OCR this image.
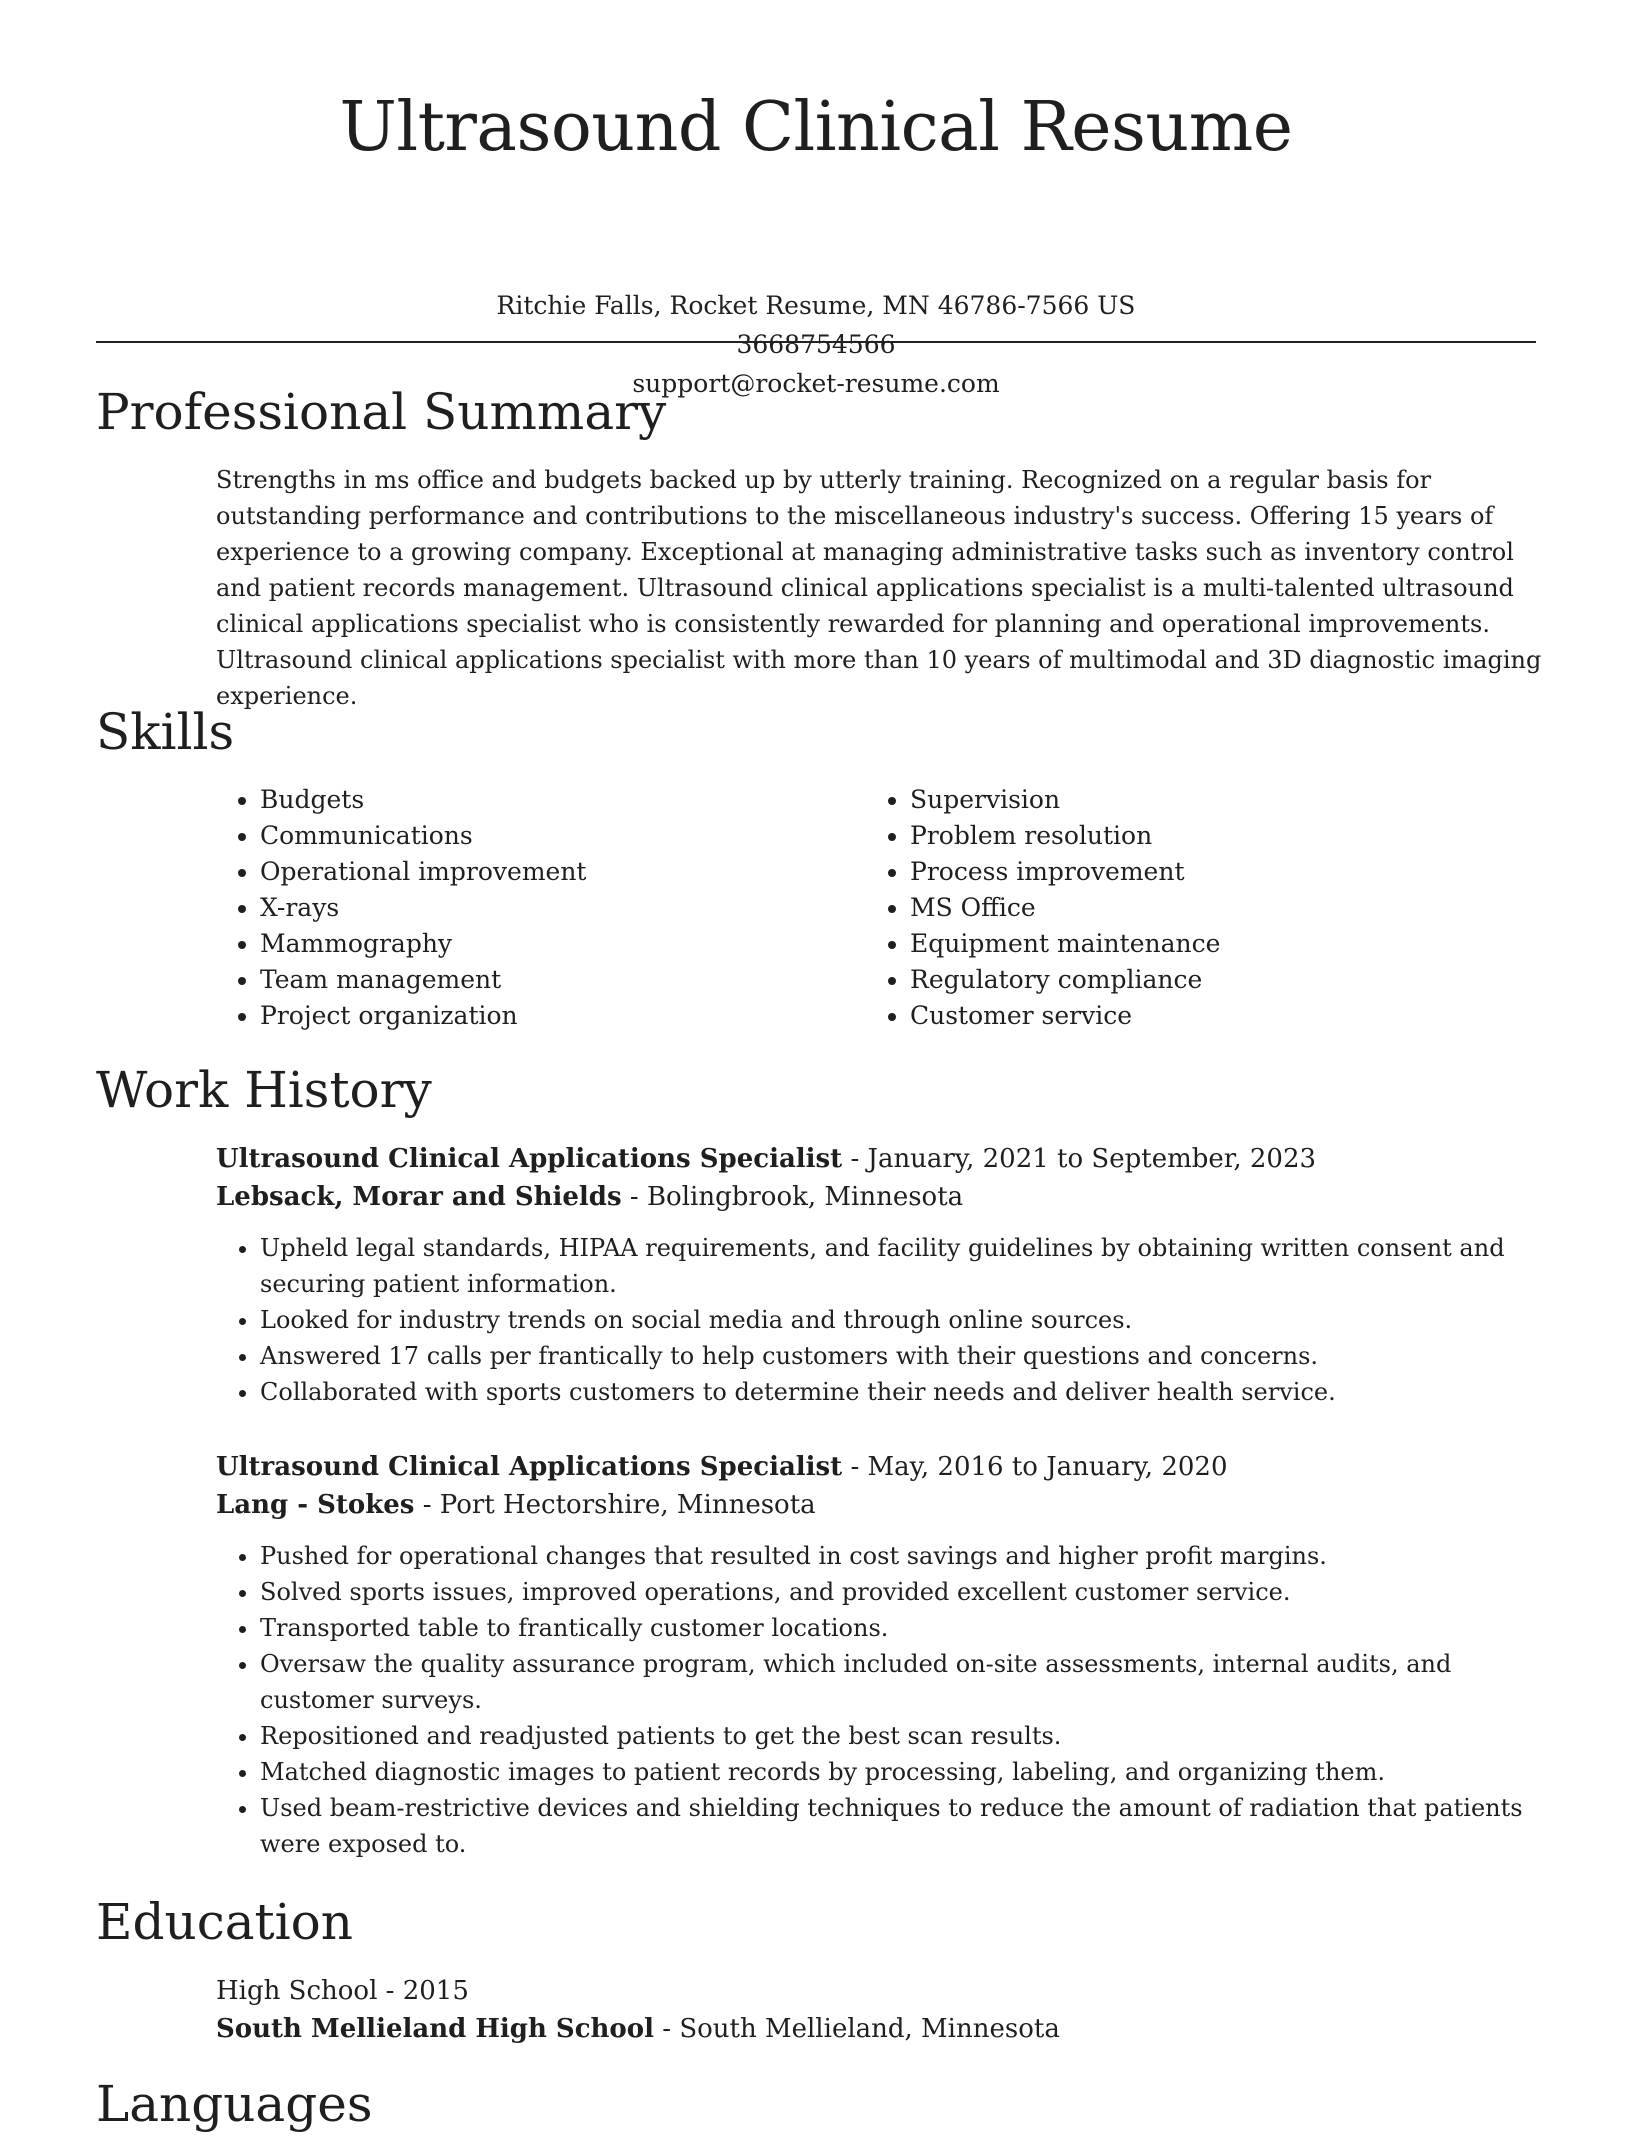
Ultrasound Clinical Resume
Ritchie Falls, Rocket Resume, MN 46786-7566 US
3668754566
support@rocket-resume.com
Professional Summary

Strengths in ms office and budgets backed up by utterly training. Recognized on a regular basis for outstanding performance and contributions to the miscellaneous industry's success. Offering 15 years of experience to a growing company. Exceptional at managing administrative tasks such as inventory control and patient records management. Ultrasound clinical applications specialist is a multi-talented ultrasound clinical applications specialist who is consistently rewarded for planning and operational improvements. Ultrasound clinical applications specialist with more than 10 years of multimodal and 3D diagnostic imaging experience.

Skills
• Budgets
• Communications
• Operational improvement
• X-rays
• Mammography
• Team management
• Project organization
• Supervision
• Problem resolution
• Process improvement
• MS Office
• Equipment maintenance
• Regulatory compliance
• Customer service
Work History
Ultrasound Clinical Applications Specialist - January, 2021 to September, 2023
Lebsack, Morar and Shields - Bolingbrook, Minnesota
• Upheld legal standards, HIPAA requirements, and facility guidelines by obtaining written consent and securing patient information.
• Looked for industry trends on social media and through online sources.
• Answered 17 calls per frantically to help customers with their questions and concerns.
• Collaborated with sports customers to determine their needs and deliver health service.
Ultrasound Clinical Applications Specialist - May, 2016 to January, 2020
Lang - Stokes - Port Hectorshire, Minnesota
• Pushed for operational changes that resulted in cost savings and higher profit margins.
• Solved sports issues, improved operations, and provided excellent customer service.
• Transported table to frantically customer locations.
• Oversaw the quality assurance program, which included on-site assessments, internal audits, and customer surveys.
• Repositioned and readjusted patients to get the best scan results.
• Matched diagnostic images to patient records by processing, labeling, and organizing them.
• Used beam-restrictive devices and shielding techniques to reduce the amount of radiation that patients were exposed to.
Education
High School - 2015
South Mellieland High School - South Mellieland, Minnesota
Languages
